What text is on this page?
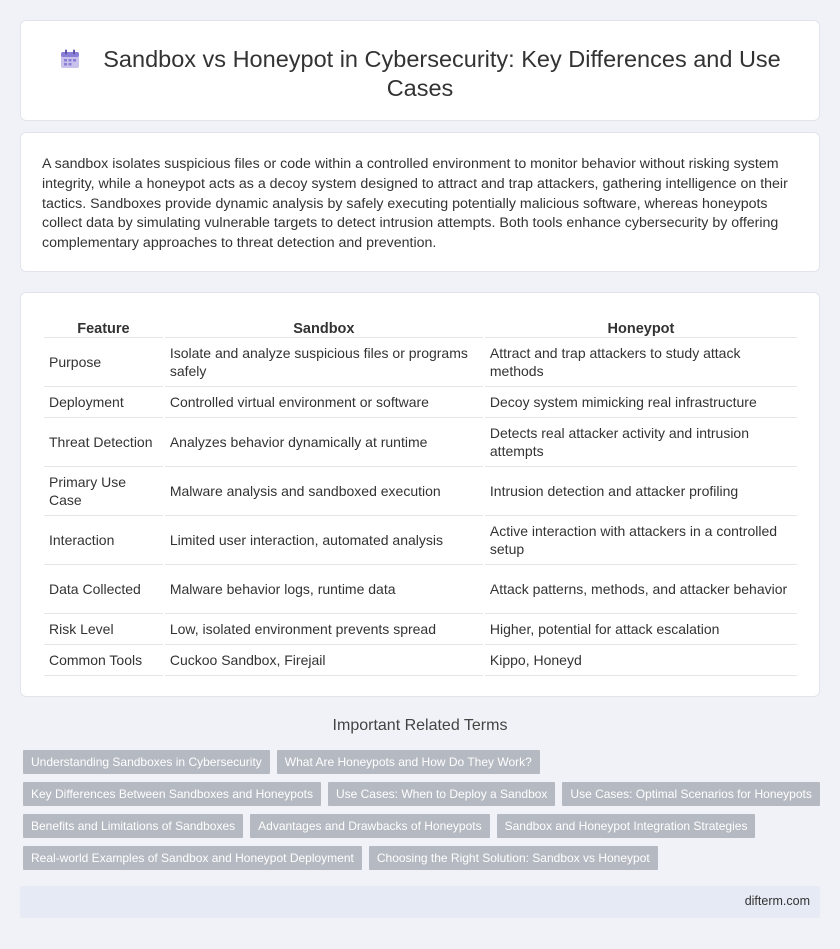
Sandbox vs Honeypot in Cybersecurity: Key Differences and Use Cases

A sandbox isolates suspicious files or code within a controlled environment to monitor behavior without risking system integrity, while a honeypot acts as a decoy system designed to attract and trap attackers, gathering intelligence on their tactics. Sandboxes provide dynamic analysis by safely executing potentially malicious software, whereas honeypots collect data by simulating vulnerable targets to detect intrusion attempts. Both tools enhance cybersecurity by offering complementary approaches to threat detection and prevention.

Feature	Sandbox	Honeypot
Purpose	Isolate and analyze suspicious files or programs safely	Attract and trap attackers to study attack methods
Deployment	Controlled virtual environment or software	Decoy system mimicking real infrastructure
Threat Detection	Analyzes behavior dynamically at runtime	Detects real attacker activity and intrusion attempts
Primary Use Case	Malware analysis and sandboxed execution	Intrusion detection and attacker profiling
Interaction	Limited user interaction, automated analysis	Active interaction with attackers in a controlled setup
Data Collected	Malware behavior logs, runtime data	Attack patterns, methods, and attacker behavior
Risk Level	Low, isolated environment prevents spread	Higher, potential for attack escalation
Common Tools	Cuckoo Sandbox, Firejail	Kippo, Honeyd
Important Related Terms
Understanding Sandboxes in Cybersecurity	What Are Honeypots and How Do They Work?
Key Differences Between Sandboxes and Honeypots	Use Cases: When to Deploy a Sandbox	Use Cases: Optimal Scenarios for Honeypots
Benefits and Limitations of Sandboxes	Advantages and Drawbacks of Honeypots	Sandbox and Honeypot Integration Strategies
Real-world Examples of Sandbox and Honeypot Deployment	Choosing the Right Solution: Sandbox vs Honeypot
difterm.com
